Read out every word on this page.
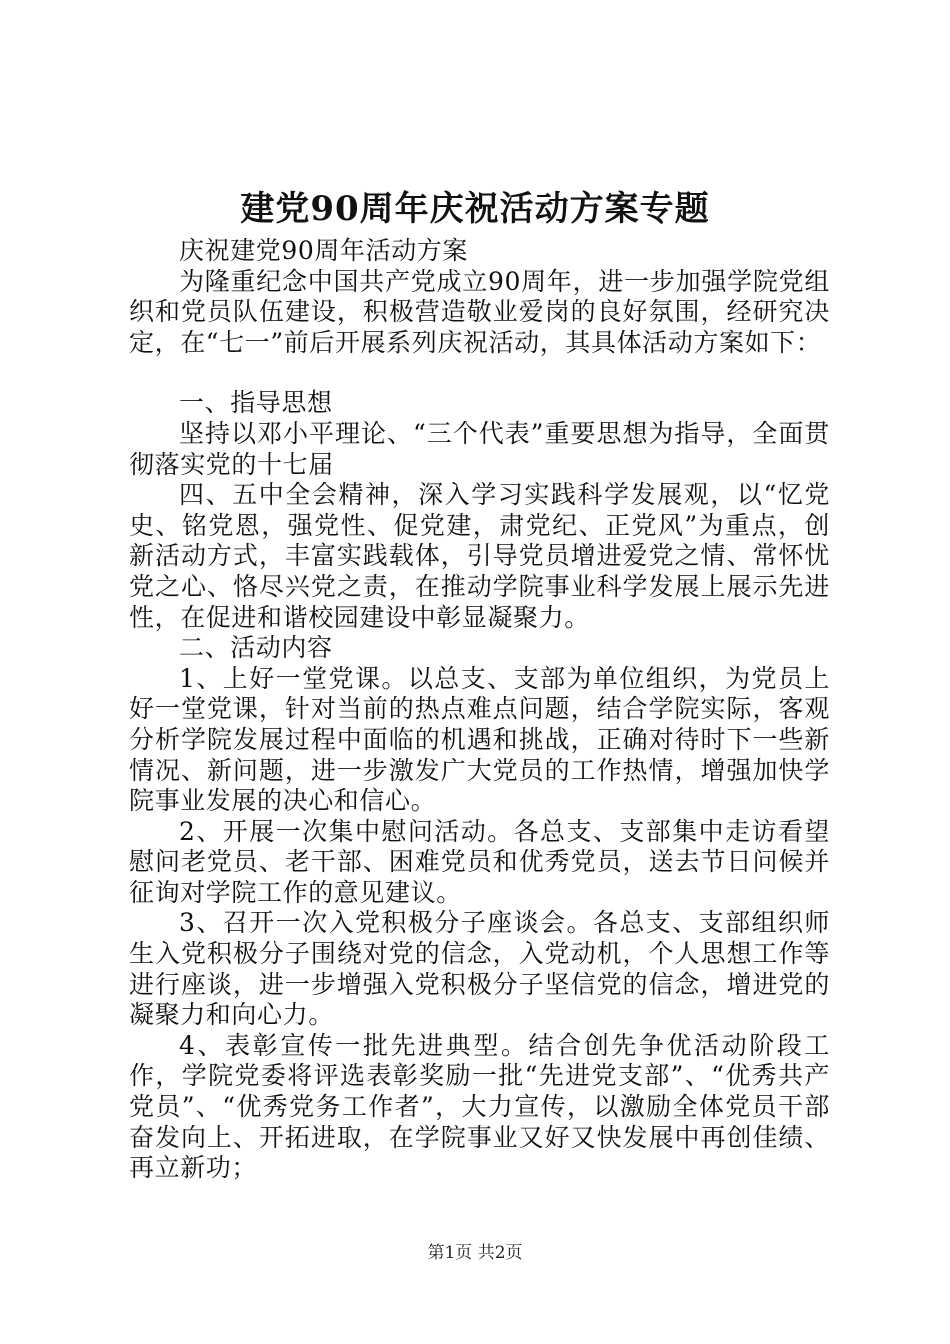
建党90周年庆祝活动方案专题

庆祝建党90周年活动方案

为隆重纪念中国共产党成立90周年，进一步加强学院党组织和党员队伍建设，积极营造敬业爱岗的良好氛围，经研究决定，在“七一”前后开展系列庆祝活动，其具体活动方案如下：

一、指导思想

坚持以邓小平理论、“三个代表”重要思想为指导，全面贯彻落实党的十七届

四、五中全会精神，深入学习实践科学发展观，以“忆党史、铭党恩，强党性、促党建，肃党纪、正党风”为重点，创新活动方式，丰富实践载体，引导党员增进爱党之情、常怀忧党之心、恪尽兴党之责，在推动学院事业科学发展上展示先进性，在促进和谐校园建设中彰显凝聚力。

二、活动内容

1、上好一堂党课。以总支、支部为单位组织，为党员上好一堂党课，针对当前的热点难点问题，结合学院实际，客观分析学院发展过程中面临的机遇和挑战，正确对待时下一些新情况、新问题，进一步激发广大党员的工作热情，增强加快学院事业发展的决心和信心。

2、开展一次集中慰问活动。各总支、支部集中走访看望慰问老党员、老干部、困难党员和优秀党员，送去节日问候并征询对学院工作的意见建议。

3、召开一次入党积极分子座谈会。各总支、支部组织师生入党积极分子围绕对党的信念，入党动机，个人思想工作等进行座谈，进一步增强入党积极分子坚信党的信念，增进党的凝聚力和向心力。

4、表彰宣传一批先进典型。结合创先争优活动阶段工作，学院党委将评选表彰奖励一批“先进党支部”、“优秀共产党员”、“优秀党务工作者”，大力宣传，以激励全体党员干部奋发向上、开拓进取，在学院事业又好又快发展中再创佳绩、再立新功；

第1页 共2页
